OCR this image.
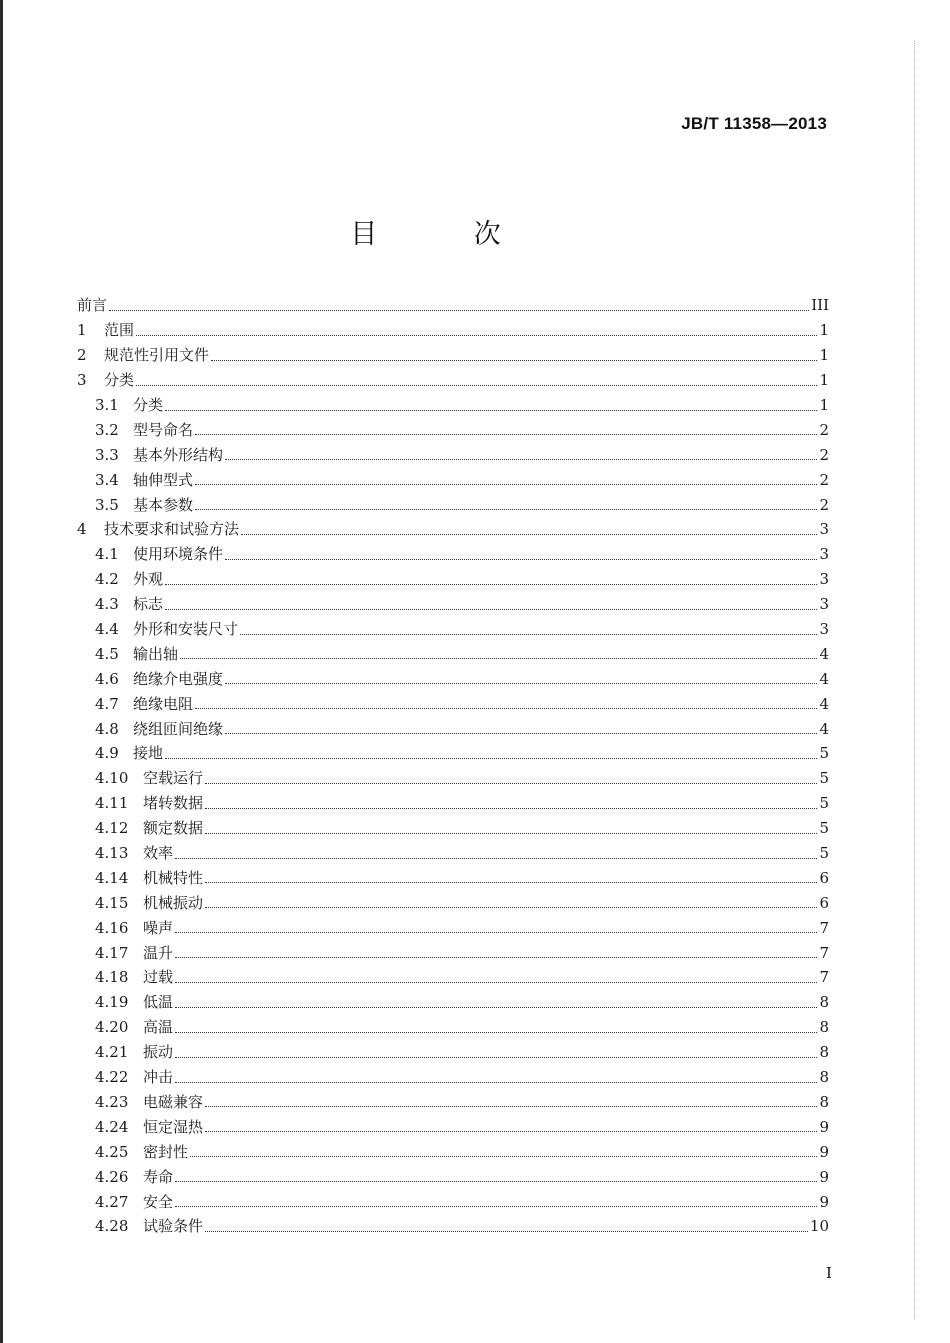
JB/T 11358—2013
目 次
前言	III
1	范围	1
2	规范性引用文件	1
3	分类	1
3.1 分类	1
3.2 型号命名	2
3.3 基本外形结构	2
3.4 轴伸型式	2
3.5 基本参数	2
4	技术要求和试验方法	3
4.1 使用环境条件	3
4.2 外观	3
4.3 标志	3
4.4 外形和安装尺寸	3
4.5 输出轴	4
4.6 绝缘介电强度	4
4.7 绝缘电阻	4
4.8 绕组匝间绝缘	4
4.9 接地	5
4.10 空载运行	5
4.11 堵转数据	5
4.12 额定数据	5
4.13 效率	5
4.14 机械特性	6
4.15 机械振动	6
4.16 噪声	7
4.17 温升	7
4.18 过载	7
4.19 低温	8
4.20 高温	8
4.21 振动	8
4.22 冲击	8
4.23 电磁兼容	8
4.24 恒定湿热	9
4.25 密封性	9
4.26 寿命	9
4.27 安全	9
4.28 试验条件	10
I
